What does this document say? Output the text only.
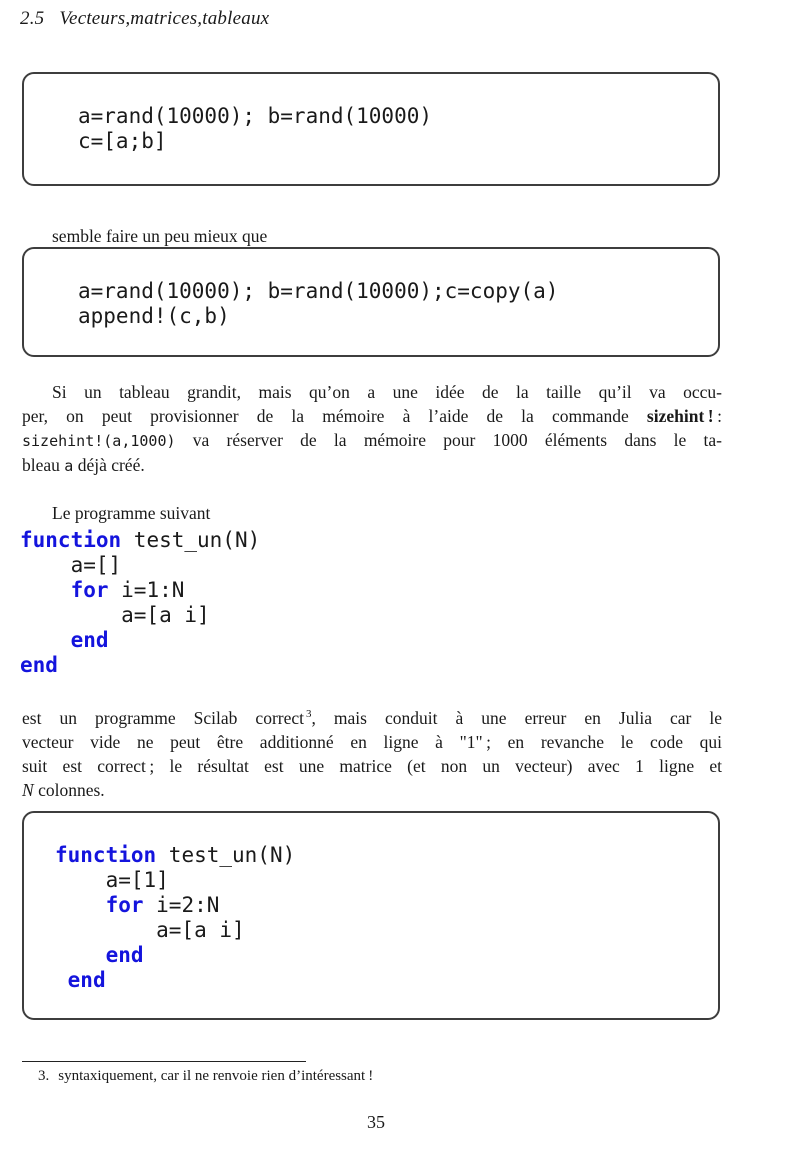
2.5 Vecteurs,matrices,tableaux
a=rand(10000); b=rand(10000)
c=[a;b]

semble faire un peu mieux que

a=rand(10000); b=rand(10000);c=copy(a)
append!(c,b)
Si un tableau grandit, mais qu’on a une idée de la taille qu’il va occu-
per, on peut provisionner de la mémoire à l’aide de la commande sizehint ! :
sizehint!(a,1000) va réserver de la mémoire pour 1000 éléments dans le ta-
bleau a déjà créé.

Le programme suivant

function test_un(N)
a=[]
for i=1:N
a=[a i]
end
end
est un programme Scilab correct $^3$, mais conduit à une erreur en Julia car le
vecteur vide ne peut être additionné en ligne à "1" ; en revanche le code qui
suit est correct ; le résultat est une matrice (et non un vecteur) avec 1 ligne et
N colonnes.
function test_un(N)
a=[1]
for i=2:N
a=[a i]
end
end
3. syntaxiquement, car il ne renvoie rien d’intéressant !
35
